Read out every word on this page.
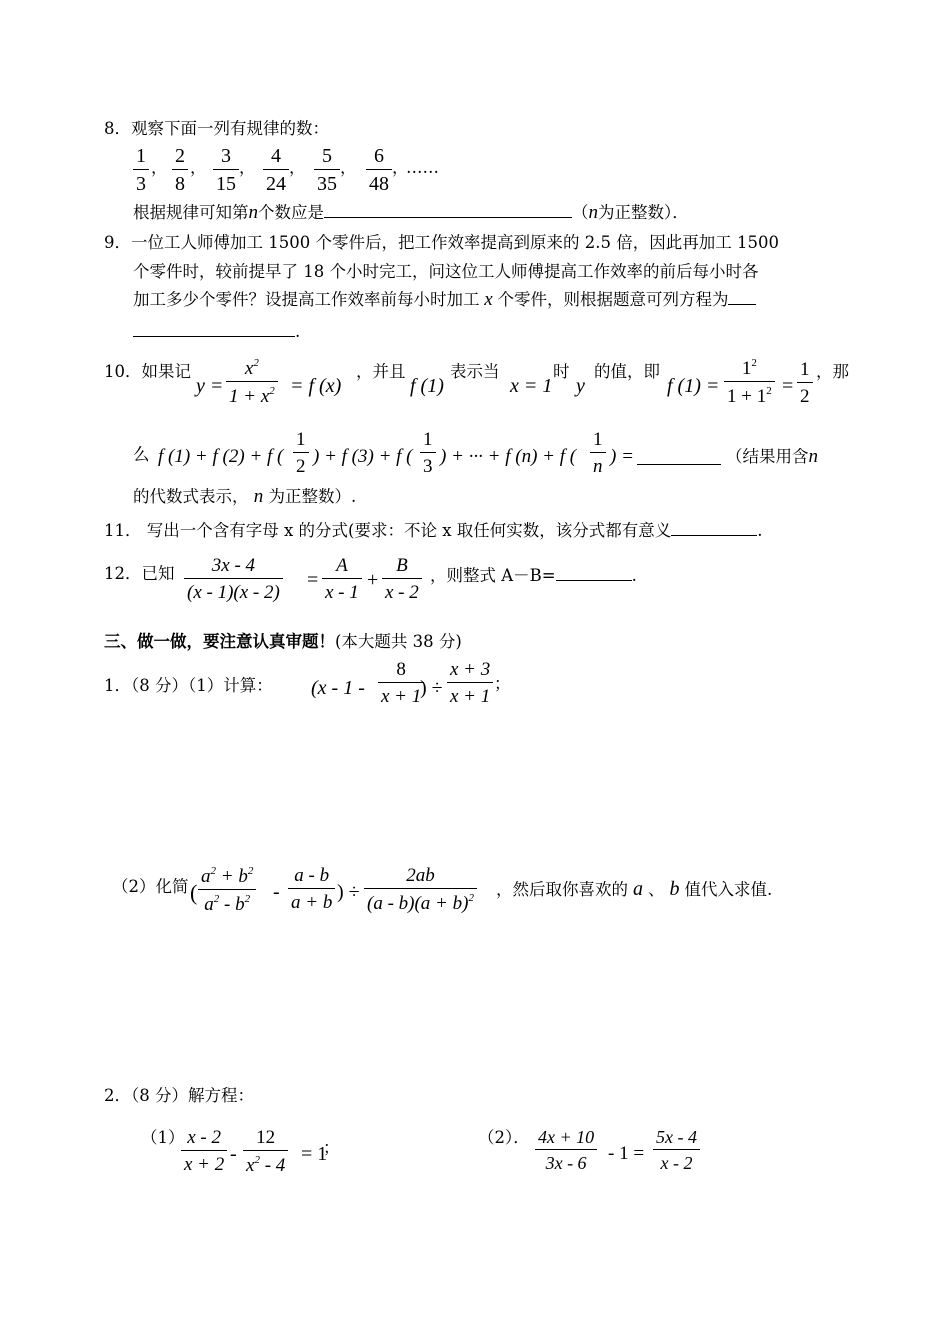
8．观察下面一列有规律的数：
1
3
，
2
8
，
3
15
，
4
24
，
5
35
，
6
48
，
……
根据规律可知第n个数应是	（n为正整数）．
9．一位工人师傅加工 1500 个零件后，把工作效率提高到原来的 2.5 倍，因此再加工 1500
个零件时，较前提早了 18 个小时完工，问这位工人师傅提高工作效率的前后每小时各
加工多少个零件？设提高工作效率前每小时加工 x 个零件，则根据题意可列方程为
.
10．如果记
y =
$x^2$
$1 + x^2 = f$ (x)
，并且
f (1)
表示当
x = 1
时
y
的值，即
f (1) =
$1^2$
$1 + 1^2$ =
1
2
，那
么 f (1) + f (2) + f (
1
2 ) + f (3) + f (
1
3 ) + ··· + f (n) + f (
1
n ) =	（结果用含n
的代数式表示， n 为正整数）.
11． 写出一个含有字母 x 的分式(要求：不论 x 取任何实数，该分式都有意义	.
12．已知 3x - 4
(x - 1)(x - 2)
=
A
x - 1
+
B
x - 2
，则整式 A－B=	.
三、做一做，要注意认真审题！(本大题共 38 分)
1．（8 分）（1）计算： (x - 1 -
8
x + 1
) ÷
x + 3
x + 1
；
（2）化简 (
$a^2 + b^2$
$a^2 - b^2$ -
a - b
a + b ) ÷
2ab
$(a - b)(a + b)^2$ ，然后取你喜欢的 a 、 b 值代入求值.
2．（8 分）解方程：
（1） x - 2
x + 2 -
12
$x^2 - 4$
= 1
；
（2）． 4x + 10
3x - 6 - 1 =
5x - 4
x - 2
